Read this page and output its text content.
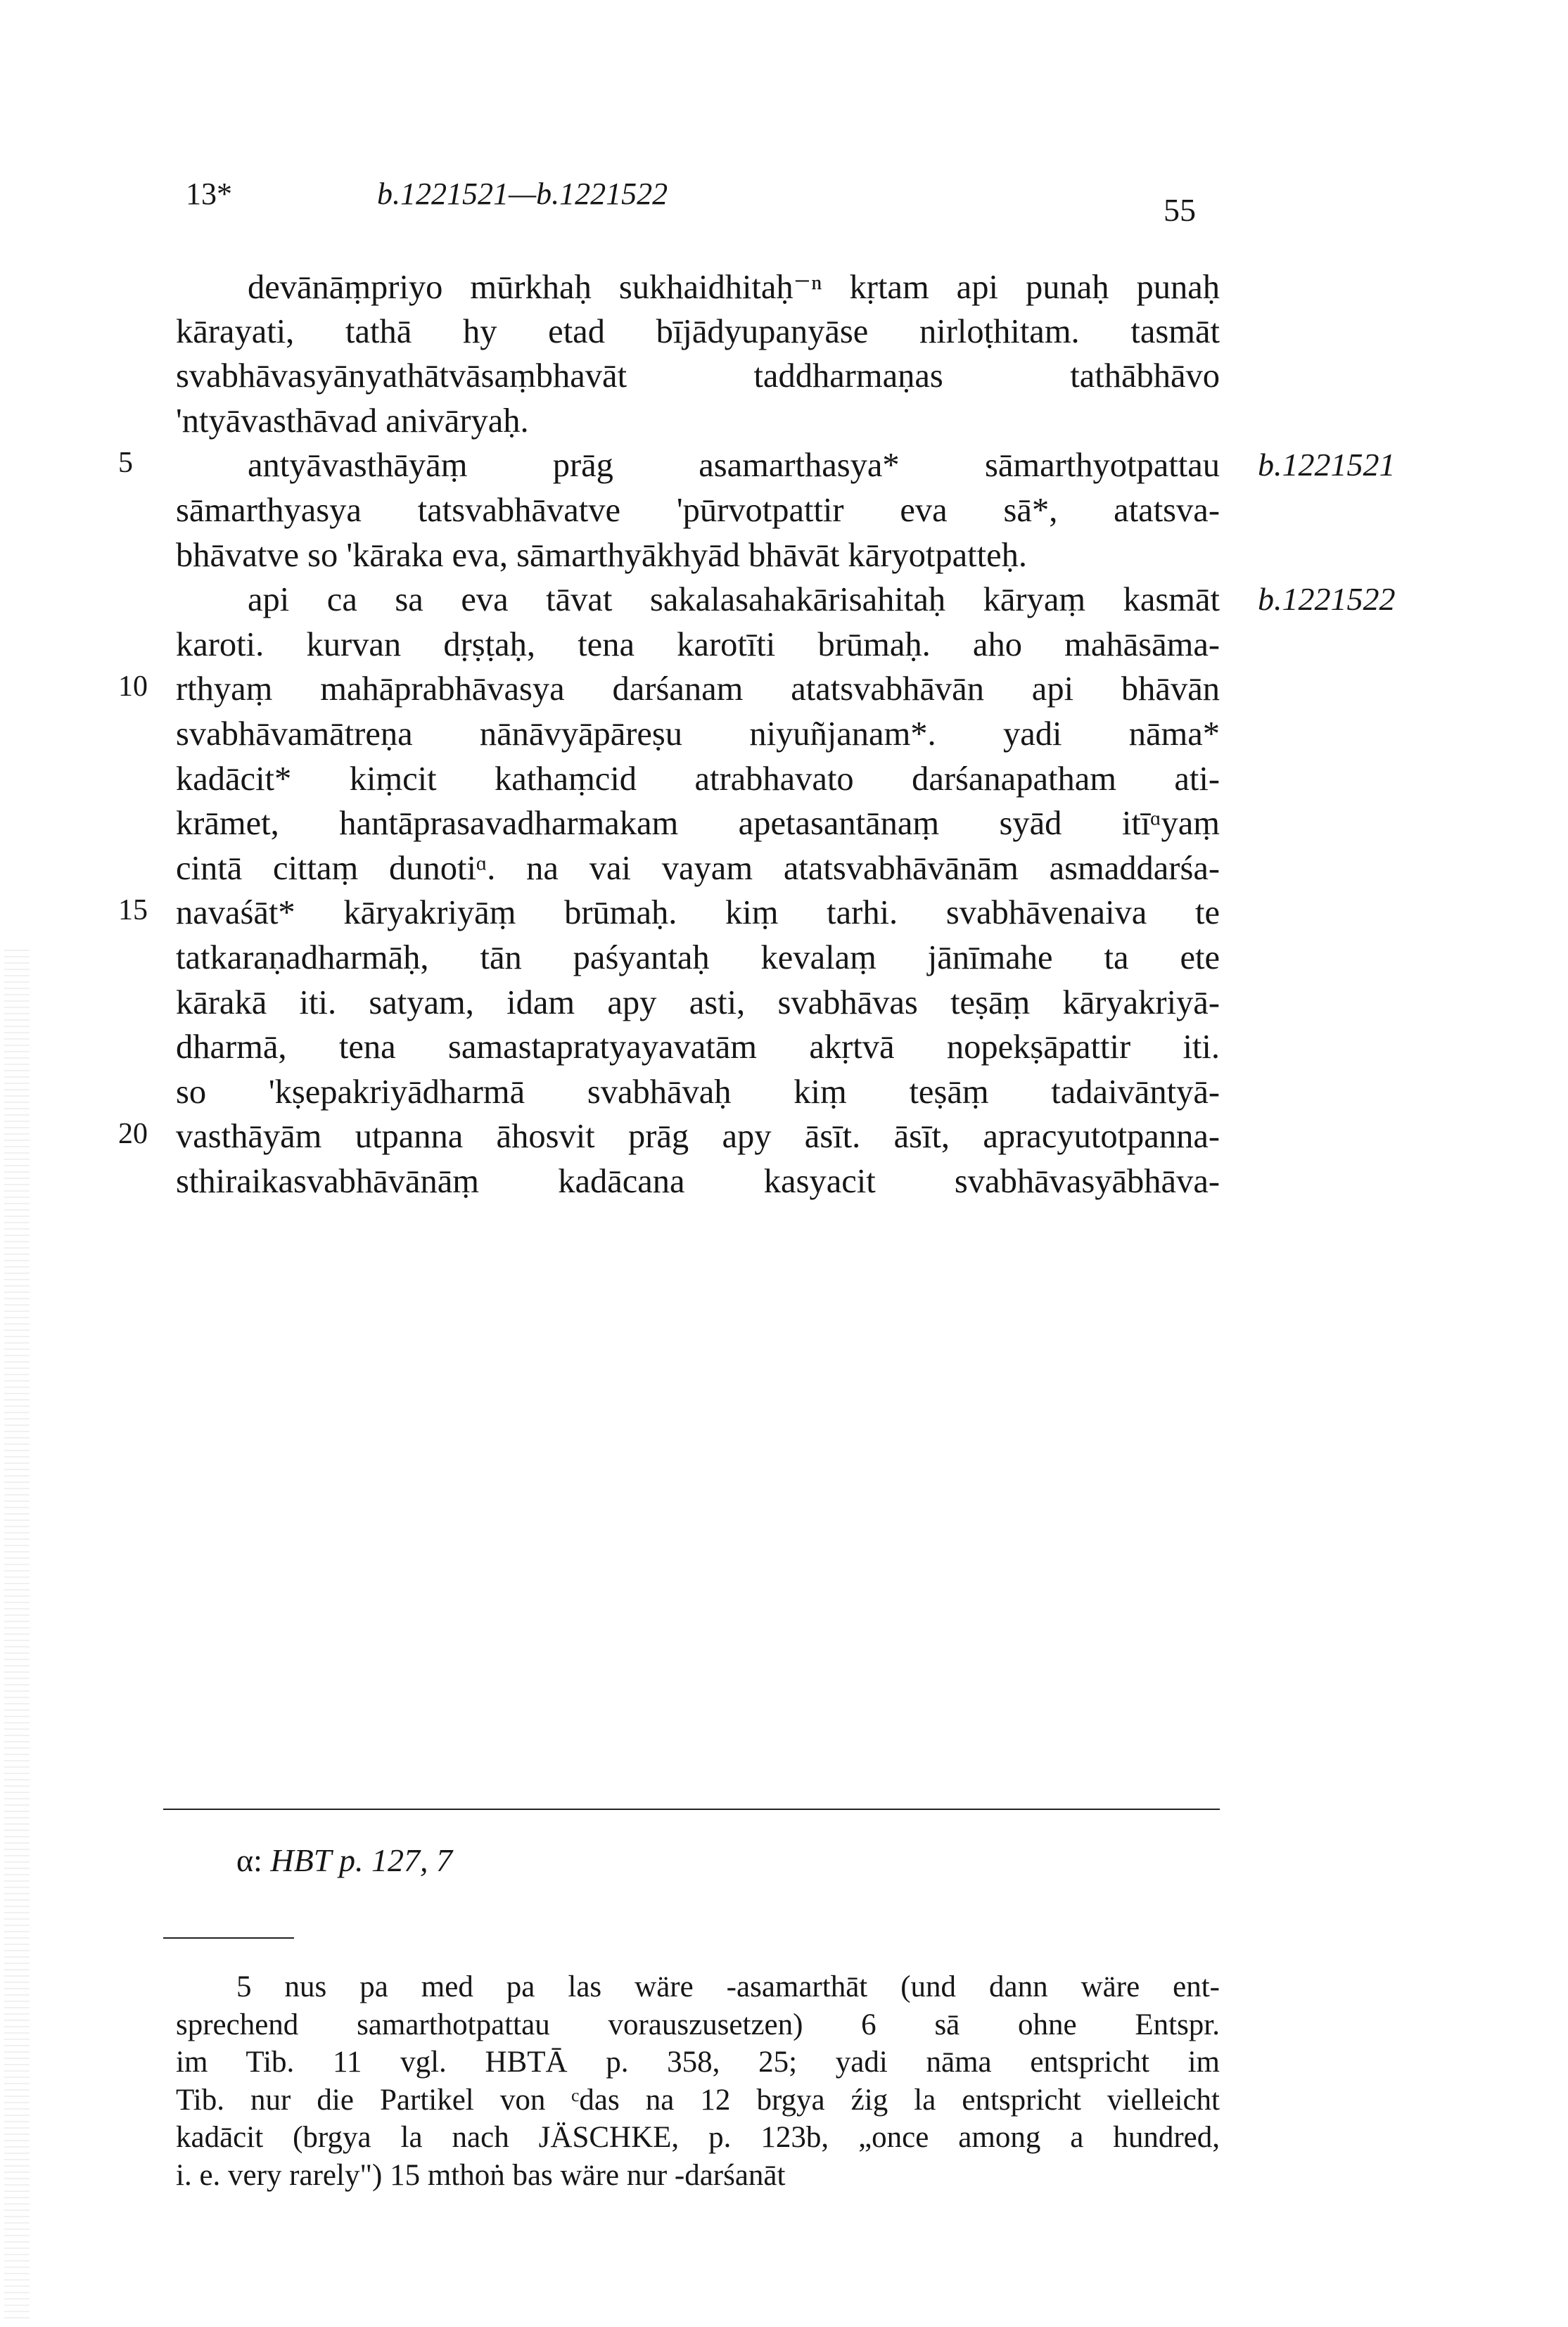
13*	b.1221521—b.1221522	55
devānāṃpriyo mūrkhaḥ sukhaidhitaḥ⁻ⁿ kṛtam api punaḥ punaḥ
kārayati, tathā hy etad bījādyupanyāse nirloṭhitam. tasmāt
svabhāvasyānyathātvāsaṃbhavāt taddharmaṇas tathābhāvo
'ntyāvasthāvad anivāryaḥ.
antyāvasthāyāṃ prāg asamarthasya* sāmarthyotpattau
5	b.1221521
sāmarthyasya tatsvabhāvatve 'pūrvotpattir eva sā*, atatsva-
bhāvatve so 'kāraka eva, sāmarthyākhyād bhāvāt kāryotpatteḥ.
api ca sa eva tāvat sakalasahakārisahitaḥ kāryaṃ kasmāt b.1221522
karoti. kurvan dṛṣṭaḥ, tena karotīti brūmaḥ. aho mahāsāma-
rthyaṃ mahāprabhāvasya darśanam atatsvabhāvān api bhāvān
10
svabhāvamātreṇa nānāvyāpāreṣu niyuñjanam*. yadi nāma*
kadācit* kiṃcit kathaṃcid atrabhavato darśanapatham ati-
krāmet, hantāprasavadharmakam apetasantānaṃ syād itīᵅyaṃ
cintā cittaṃ dunotiᵅ. na vai vayam atatsvabhāvānām asmaddarśa-
navaśāt* kāryakriyāṃ brūmaḥ. kiṃ tarhi. svabhāvenaiva te
15
tatkaraṇadharmāḥ, tān paśyantaḥ kevalaṃ jānīmahe ta ete
kārakā iti. satyam, idam apy asti, svabhāvas teṣāṃ kāryakriyā-
dharmā, tena samastapratyayavatām akṛtvā nopekṣāpattir iti.
so 'kṣepakriyādharmā svabhāvaḥ kiṃ teṣāṃ tadaivāntyā-
vasthāyām utpanna āhosvit prāg apy āsīt. āsīt, apracyutotpanna-
20
sthiraikasvabhāvānāṃ kadācana kasyacit svabhāvasyābhāva-
α: HBT p. 127, 7
5 nus pa med pa las wäre -asamarthāt (und dann wäre ent-
sprechend samarthotpattau vorauszusetzen) 6 sā ohne Entspr.
im Tib. 11 vgl. HBTĀ p. 358, 25; yadi nāma entspricht im
Tib. nur die Partikel von ᶜdas na 12 brgya źig la entspricht vielleicht
kadācit (brgya la nach JÄSCHKE, p. 123b, „once among a hundred,
i. e. very rarely") 15 mthoṅ bas wäre nur -darśanāt
